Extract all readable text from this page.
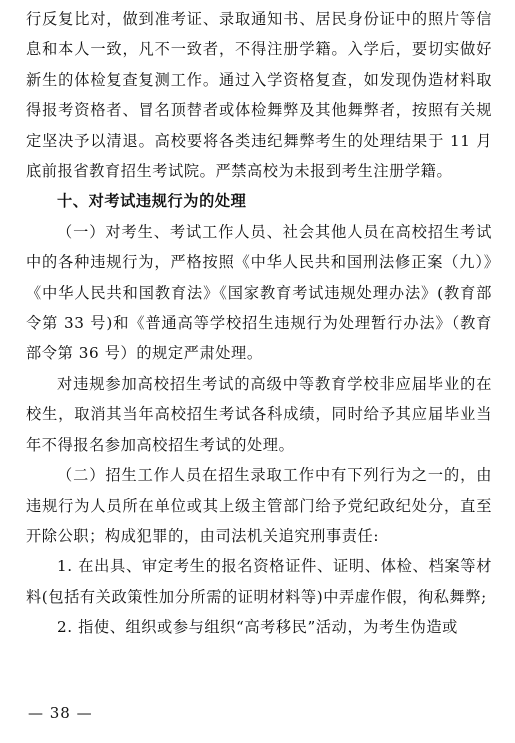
行反复比对，做到准考证、录取通知书、居民身份证中的照片等信息和本人一致，凡不一致者，不得注册学籍。入学后，要切实做好新生的体检复查复测工作。通过入学资格复查，如发现伪造材料取得报考资格者、冒名顶替者或体检舞弊及其他舞弊者，按照有关规定坚决予以清退。高校要将各类违纪舞弊考生的处理结果于 11 月底前报省教育招生考试院。严禁高校为未报到考生注册学籍。

十、对考试违规行为的处理

（一）对考生、考试工作人员、社会其他人员在高校招生考试中的各种违规行为，严格按照《中华人民共和国刑法修正案（九）》《中华人民共和国教育法》《国家教育考试违规处理办法》(教育部令第 33 号)和《普通高等学校招生违规行为处理暂行办法》（教育部令第 36 号）的规定严肃处理。

对违规参加高校招生考试的高级中等教育学校非应届毕业的在校生，取消其当年高校招生考试各科成绩，同时给予其应届毕业当年不得报名参加高校招生考试的处理。

（二）招生工作人员在招生录取工作中有下列行为之一的，由违规行为人员所在单位或其上级主管部门给予党纪政纪处分，直至开除公职；构成犯罪的，由司法机关追究刑事责任:

1. 在出具、审定考生的报名资格证件、证明、体检、档案等材料(包括有关政策性加分所需的证明材料等)中弄虚作假，徇私舞弊;

2. 指使、组织或参与组织“高考移民”活动，为考生伪造或

— 38 —
